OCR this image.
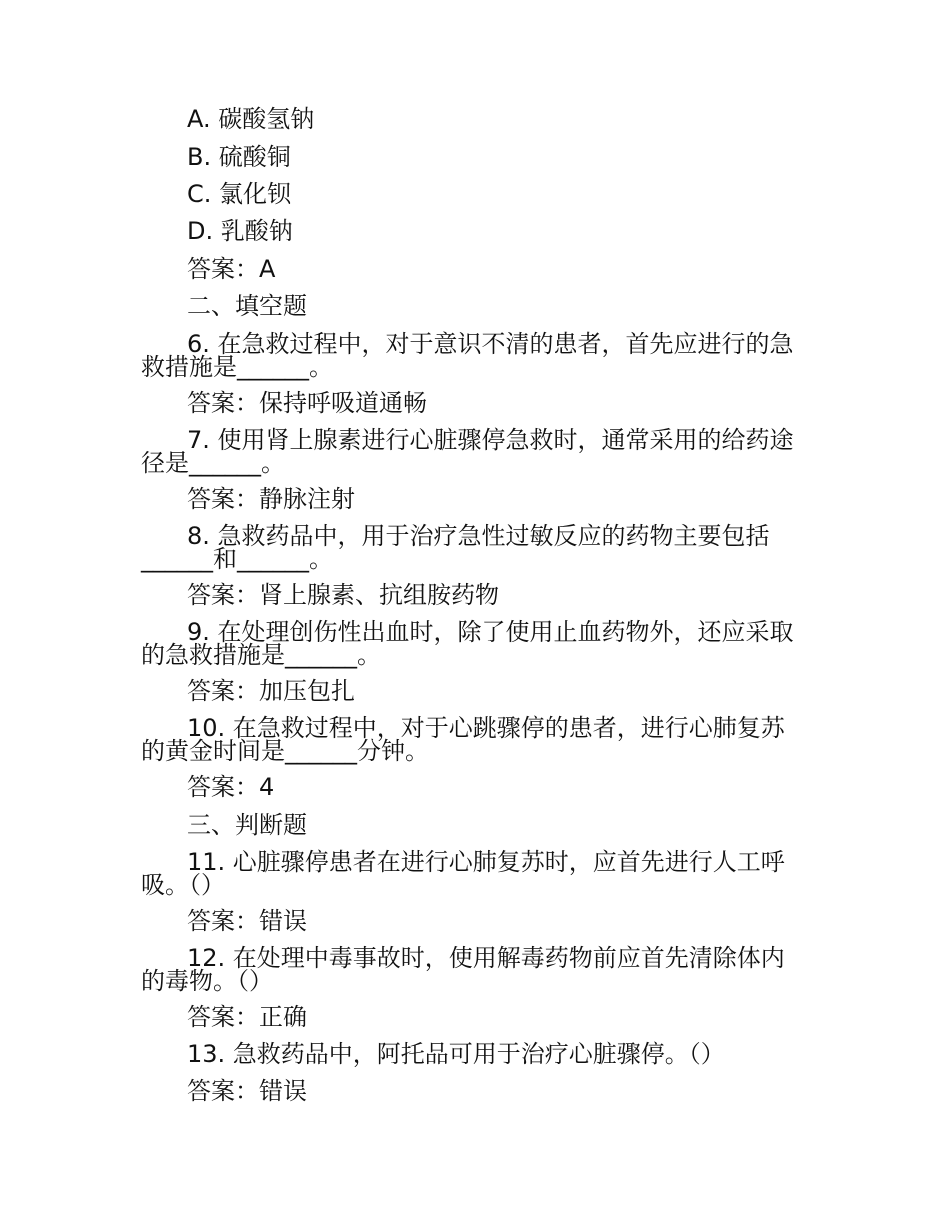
A. 碳酸氢钠
B. 硫酸铜
C. 氯化钡
D. 乳酸钠
答案：A
二、填空题
6. 在急救过程中，对于意识不清的患者，首先应进行的急
救措施是______。
答案：保持呼吸道通畅
7. 使用肾上腺素进行心脏骤停急救时，通常采用的给药途
径是______。
答案：静脉注射
8. 急救药品中，用于治疗急性过敏反应的药物主要包括
______和______。
答案：肾上腺素、抗组胺药物
9. 在处理创伤性出血时，除了使用止血药物外，还应采取
的急救措施是______。
答案：加压包扎
10. 在急救过程中，对于心跳骤停的患者，进行心肺复苏
的黄金时间是______分钟。
答案：4
三、判断题
11. 心脏骤停患者在进行心肺复苏时，应首先进行人工呼
吸。（）
答案：错误
12. 在处理中毒事故时，使用解毒药物前应首先清除体内
的毒物。（）
答案：正确
13. 急救药品中，阿托品可用于治疗心脏骤停。（）
答案：错误
